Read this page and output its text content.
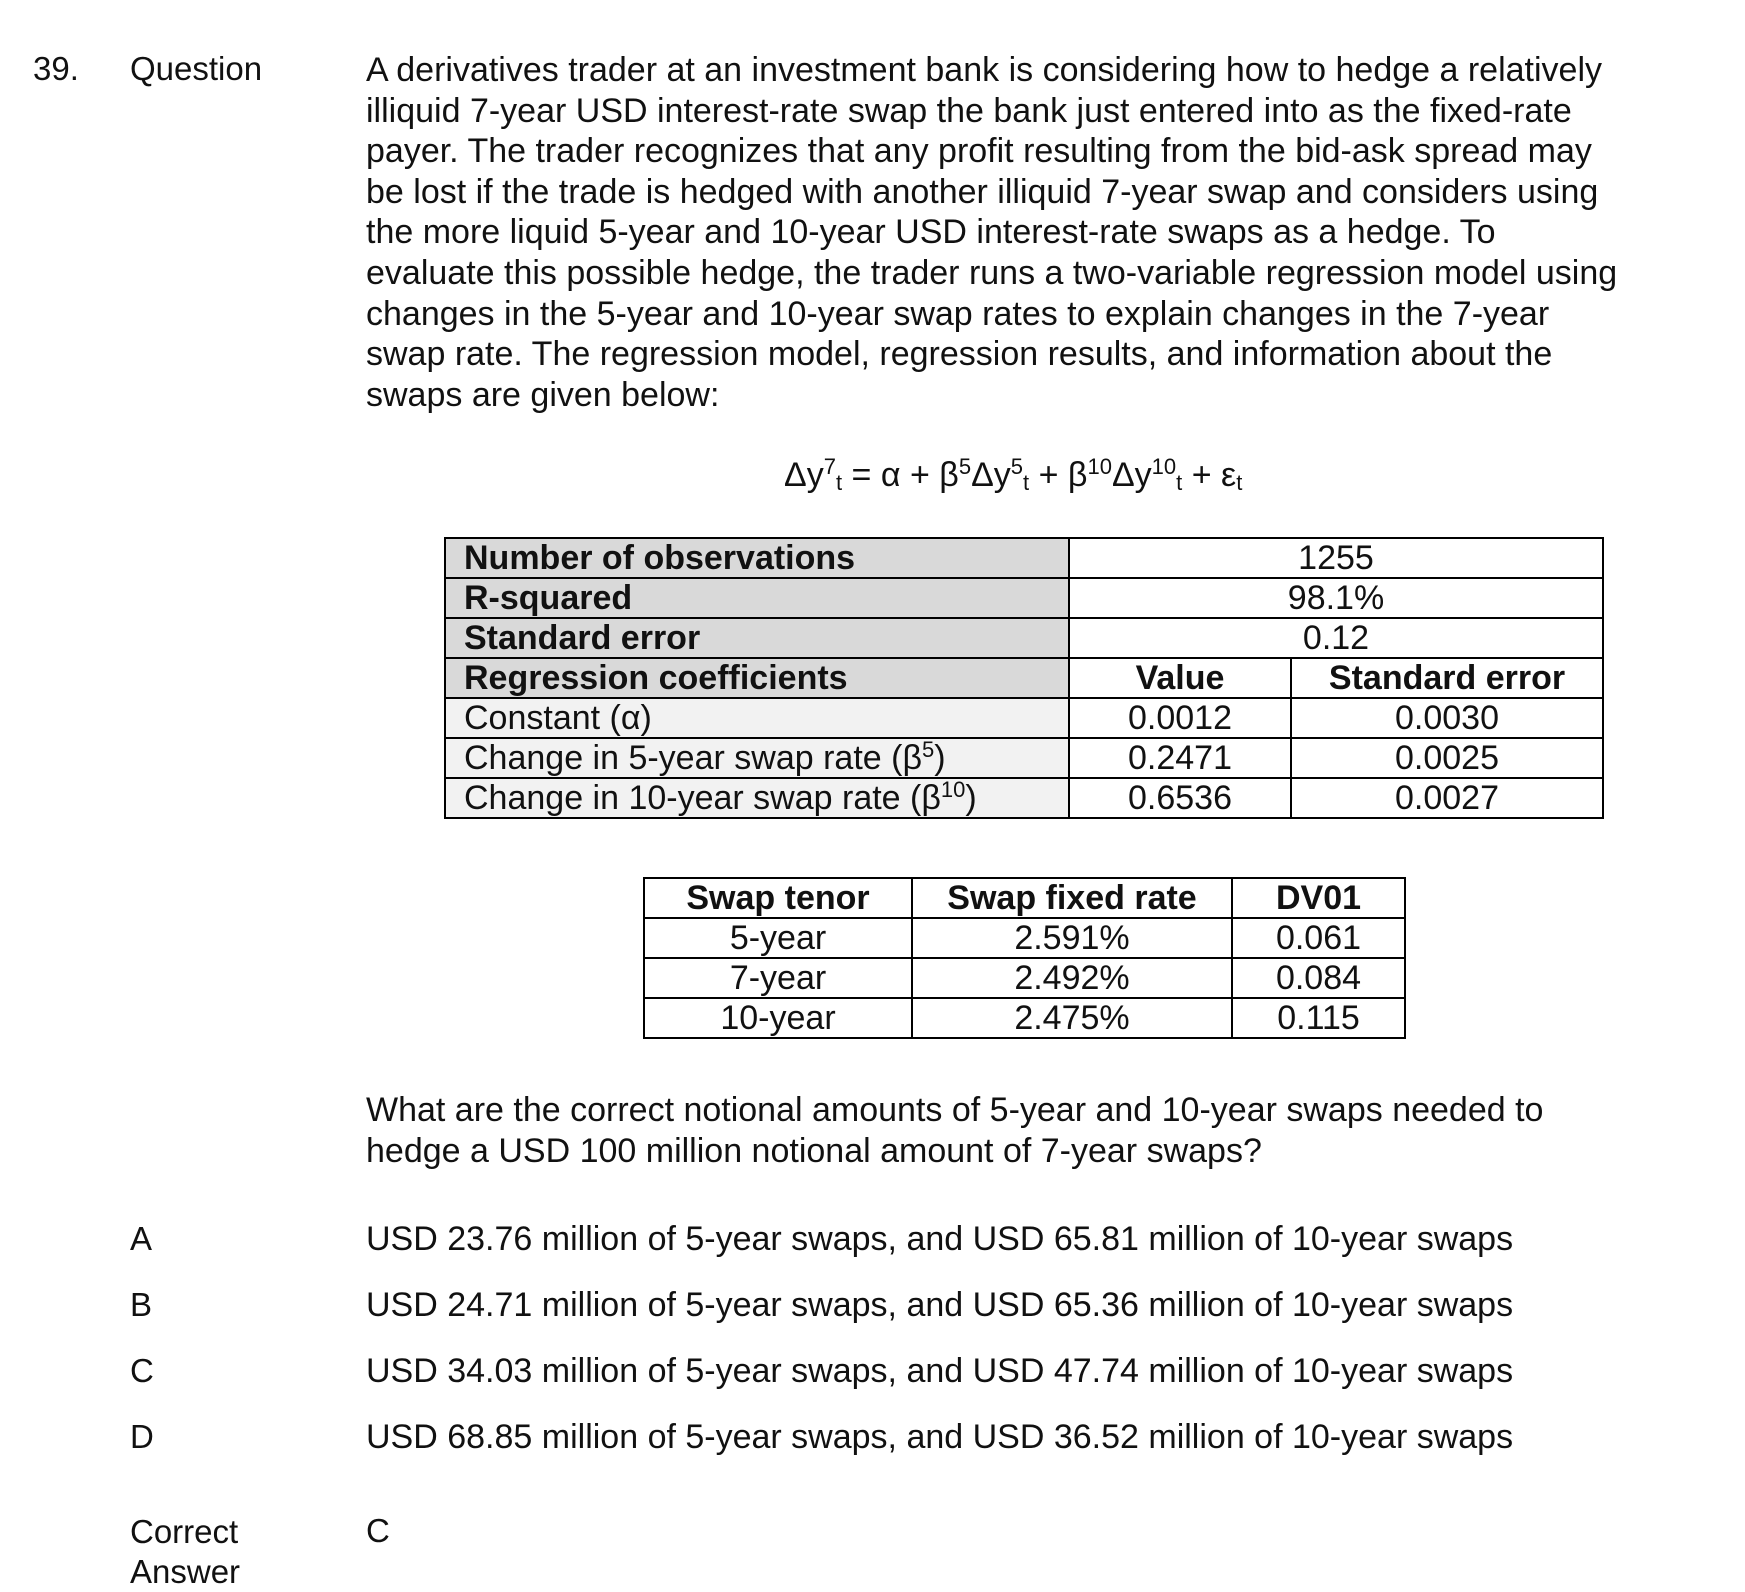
39. Question	A derivatives trader at an investment bank is considering how to hedge a relatively
illiquid 7-year USD interest-rate swap the bank just entered into as the fixed-rate
payer. The trader recognizes that any profit resulting from the bid-ask spread may
be lost if the trade is hedged with another illiquid 7-year swap and considers using
the more liquid 5-year and 10-year USD interest-rate swaps as a hedge. To
evaluate this possible hedge, the trader runs a two-variable regression model using
changes in the 5-year and 10-year swap rates to explain changes in the 7-year
swap rate. The regression model, regression results, and information about the
swaps are given below:
$\Delta y^7_t = \alpha + \beta^5\Delta y^5_t + \beta^{10}\Delta y^{10}_t + \varepsilon_t$
Number of observations	1255	
R-squared	98.1%	
Standard error	0.12	
Regression coefficients	Value	Standard error
Constant (α)	0.0012	0.0030
Change in 5-year swap rate $(\beta^5)$	0.2471	0.0025
Change in 10-year swap rate $(\beta^{10})$	0.6536	0.0027
Swap tenor	Swap fixed rate	DV01
5-year	2.591%	0.061
7-year	2.492%	0.084
10-year	2.475%	0.115
What are the correct notional amounts of 5-year and 10-year swaps needed to
hedge a USD 100 million notional amount of 7-year swaps?
A	USD 23.76 million of 5-year swaps, and USD 65.81 million of 10-year swaps
B	USD 24.71 million of 5-year swaps, and USD 65.36 million of 10-year swaps
C	USD 34.03 million of 5-year swaps, and USD 47.74 million of 10-year swaps
D	USD 68.85 million of 5-year swaps, and USD 36.52 million of 10-year swaps
Correct
Answer
C
